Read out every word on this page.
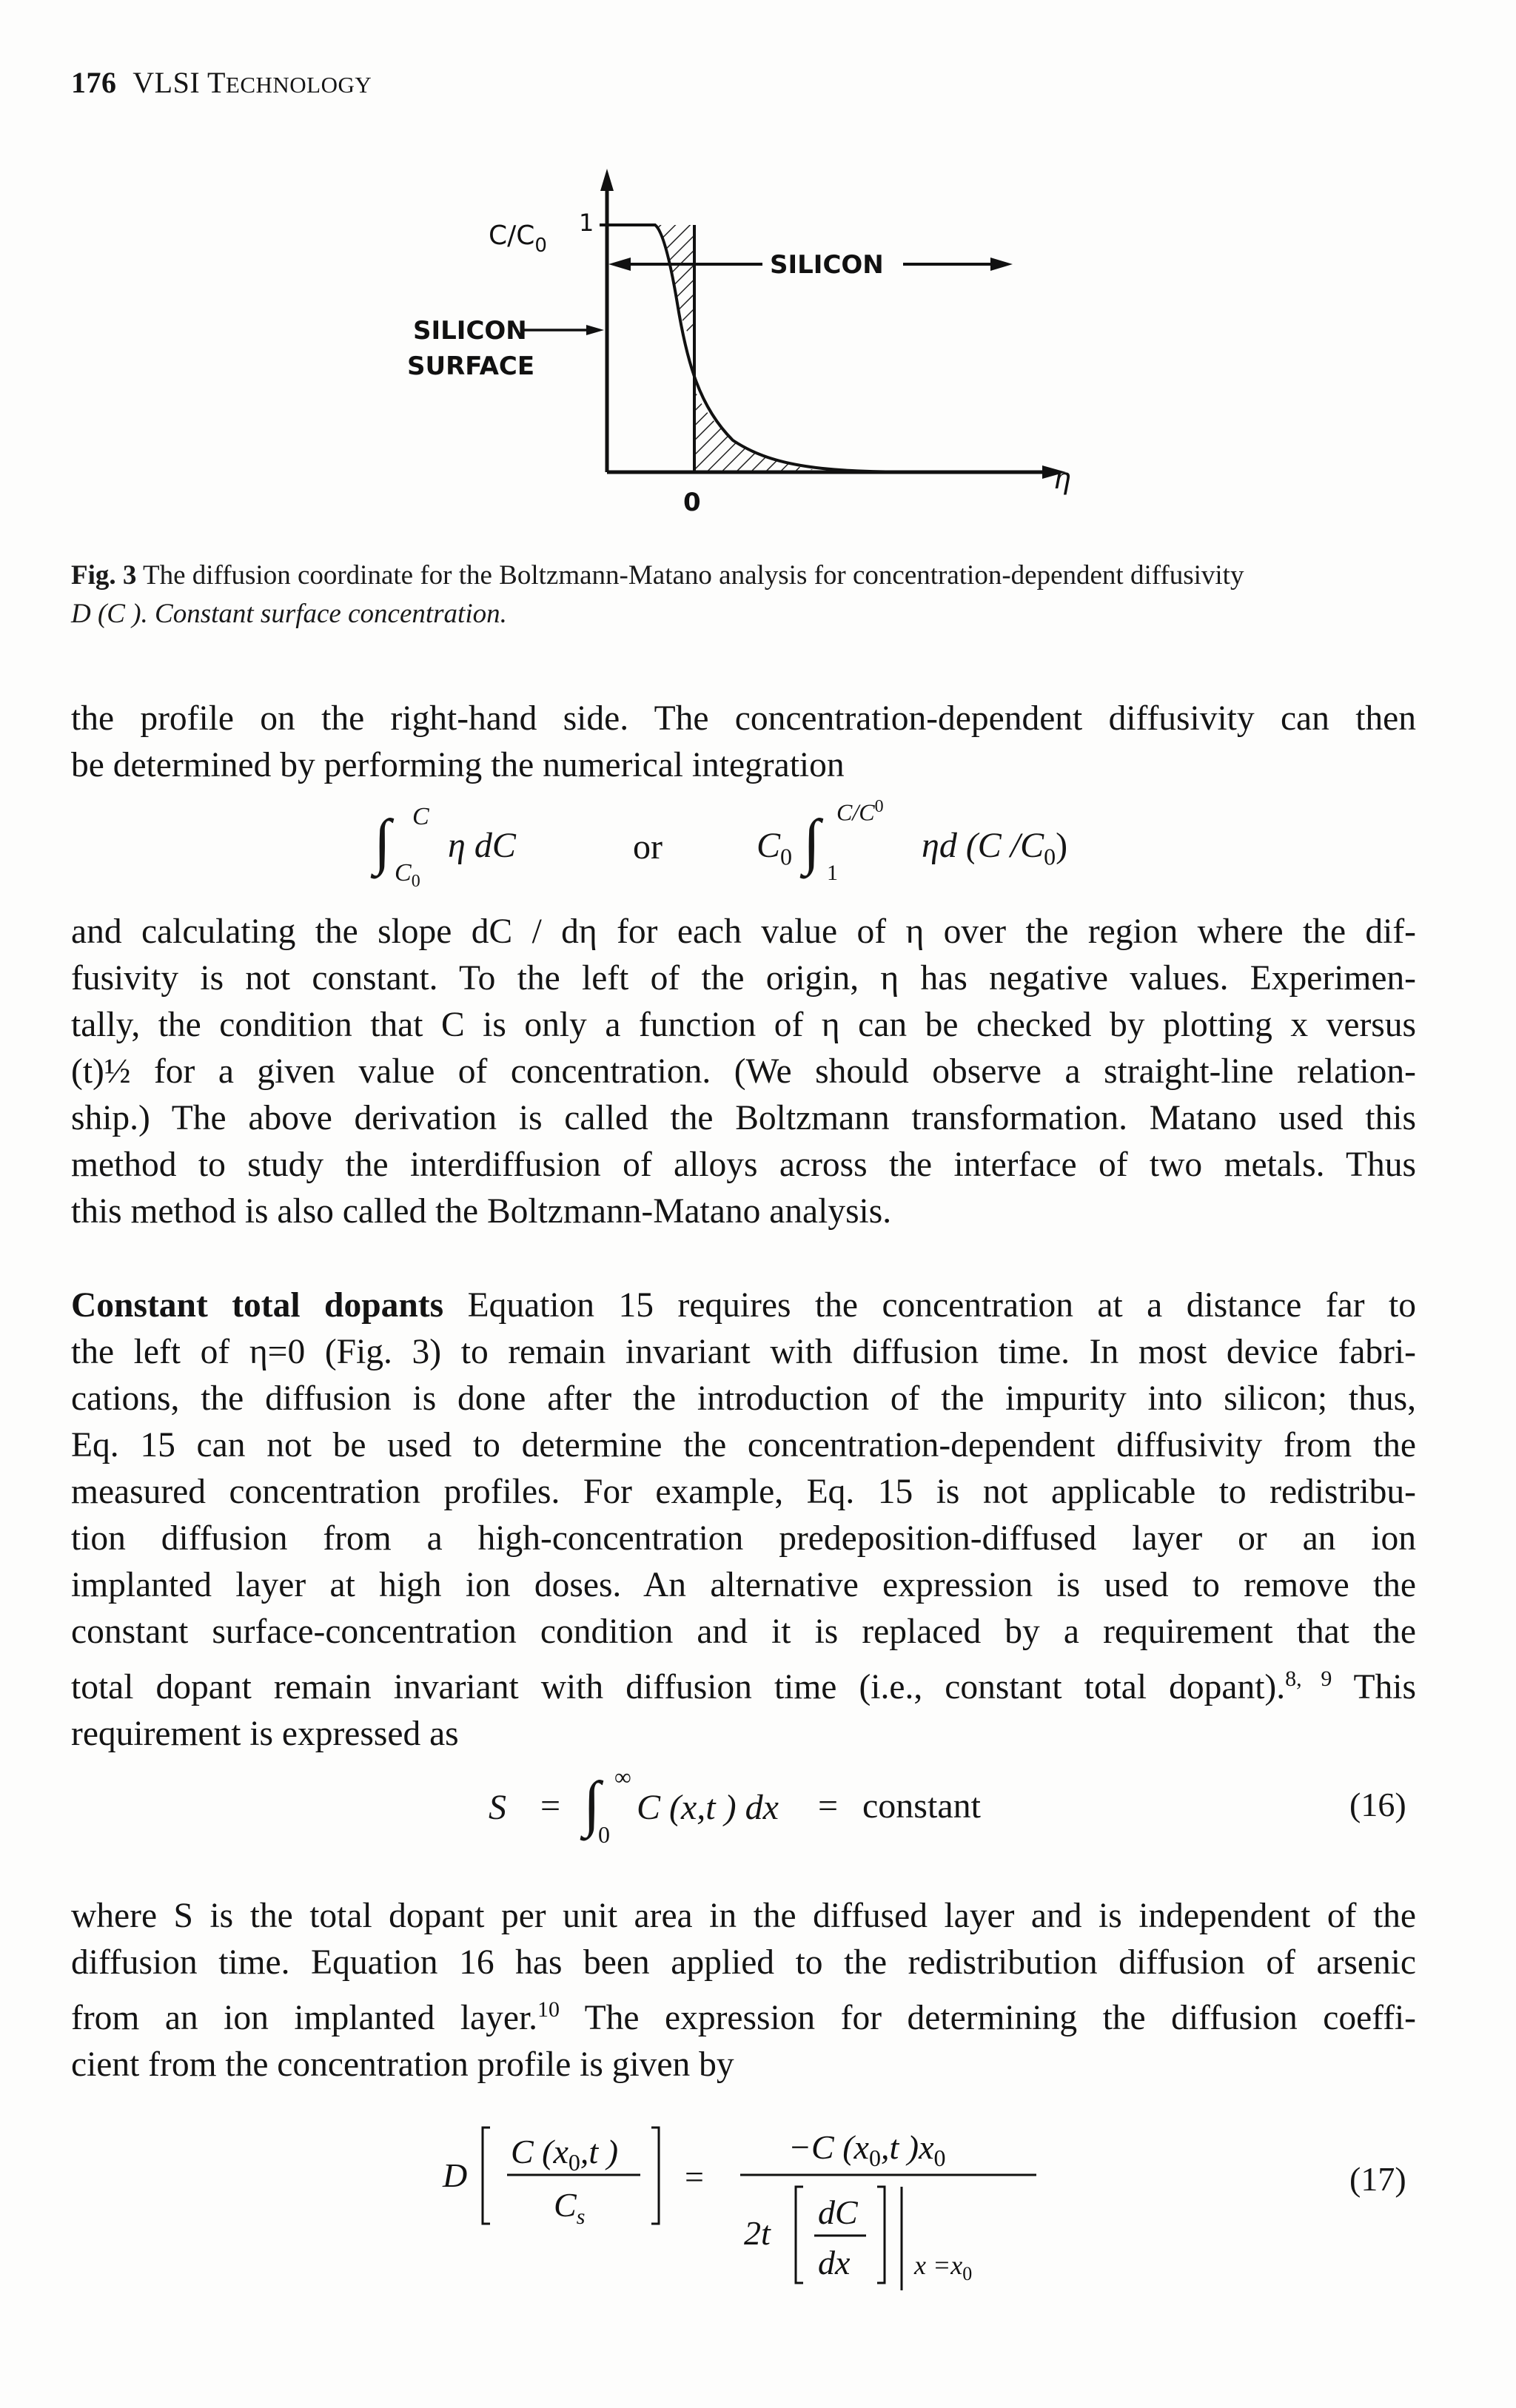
176 VLSI TECHNOLOGY
$C/C_0$
1
SILICON
SILICON
SURFACE
0
η
Fig. 3 The diffusion coordinate for the Boltzmann-Matano analysis for concentration-dependent diffusivity
D (C ). Constant surface concentration.
the profile on the right-hand side. The concentration-dependent diffusivity can then
be determined by performing the numerical integration
∫ C
$C_0$
η dC	or	$C_0$ ∫ $C/C^0$
1
ηd (C $/C_0$)
and calculating the slope dC / dη for each value of η over the region where the dif-
fusivity is not constant. To the left of the origin, η has negative values. Experimen-
tally, the condition that C is only a function of η can be checked by plotting x versus
(t)½ for a given value of concentration. (We should observe a straight-line relation-
ship.) The above derivation is called the Boltzmann transformation. Matano used this
method to study the interdiffusion of alloys across the interface of two metals. Thus
this method is also called the Boltzmann-Matano analysis.
Constant total dopants Equation 15 requires the concentration at a distance far to
the left of η=0 (Fig. 3) to remain invariant with diffusion time. In most device fabri-
cations, the diffusion is done after the introduction of the impurity into silicon; thus,
Eq. 15 can not be used to determine the concentration-dependent diffusivity from the
measured concentration profiles. For example, Eq. 15 is not applicable to redistribu-
tion diffusion from a high-concentration predeposition-diffused layer or an ion
implanted layer at high ion doses. An alternative expression is used to remove the
constant surface-concentration condition and it is replaced by a requirement that the
total dopant remain invariant with diffusion time (i.e., constant total dopant).$^{8, 9}$ This
requirement is expressed as
S = ∫ ∞
0
C (x,t ) dx = constant	(16)
where S is the total dopant per unit area in the diffused layer and is independent of the
diffusion time. Equation 16 has been applied to the redistribution diffusion of arsenic
from an ion implanted layer.$^{10}$ The expression for determining the diffusion coeffi-
cient from the concentration profile is given by
D
C ($x_0,t$ )
$C_s$
=
−C ($x_0,t$ )$x_0$
2t
dC
dx $x =x_0$
(17)
